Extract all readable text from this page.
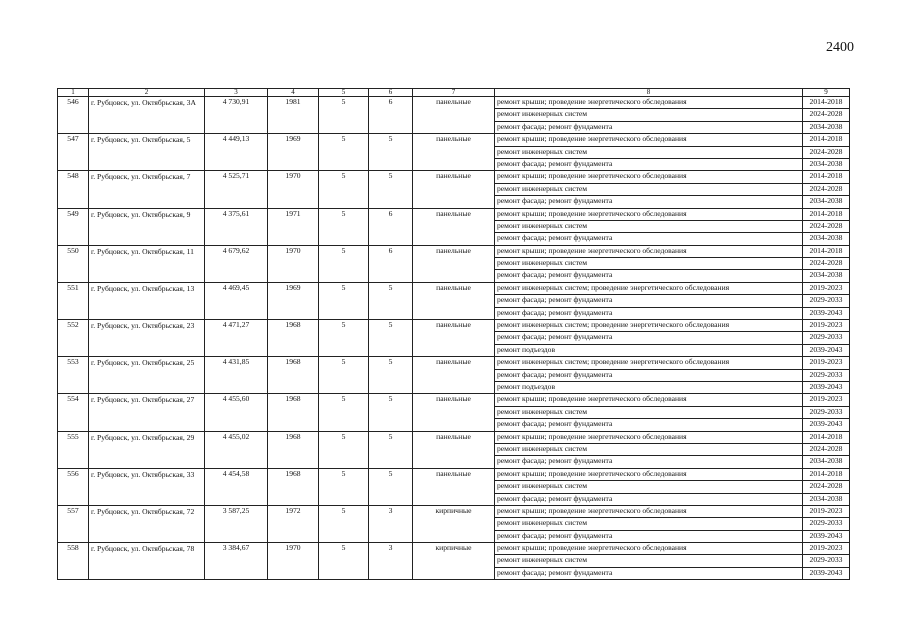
2400
1	2	3	4	5	6	7	8	9
546	г. Рубцовск, ул. Октябрьская, 3А	4 730,91	1981	5	6	панельные	ремонт крыши; проведение энергетического обследования	2014-2018
							ремонт инженерных систем	2024-2028
							ремонт фасада; ремонт фундамента	2034-2038
547	г. Рубцовск, ул. Октябрьская, 5	4 449,13	1969	5	5	панельные	ремонт крыши; проведение энергетического обследования	2014-2018
							ремонт инженерных систем	2024-2028
							ремонт фасада; ремонт фундамента	2034-2038
548	г. Рубцовск, ул. Октябрьская, 7	4 525,71	1970	5	5	панельные	ремонт крыши; проведение энергетического обследования	2014-2018
							ремонт инженерных систем	2024-2028
							ремонт фасада; ремонт фундамента	2034-2038
549	г. Рубцовск, ул. Октябрьская, 9	4 375,61	1971	5	6	панельные	ремонт крыши; проведение энергетического обследования	2014-2018
							ремонт инженерных систем	2024-2028
							ремонт фасада; ремонт фундамента	2034-2038
550	г. Рубцовск, ул. Октябрьская, 11	4 679,62	1970	5	6	панельные	ремонт крыши; проведение энергетического обследования	2014-2018
							ремонт инженерных систем	2024-2028
							ремонт фасада; ремонт фундамента	2034-2038
551	г. Рубцовск, ул. Октябрьская, 13	4 469,45	1969	5	5	панельные	ремонт инженерных систем; проведение энергетического обследования	2019-2023
							ремонт фасада; ремонт фундамента	2029-2033
							ремонт фасада; ремонт фундамента	2039-2043
552	г. Рубцовск, ул. Октябрьская, 23	4 471,27	1968	5	5	панельные	ремонт инженерных систем; проведение энергетического обследования	2019-2023
							ремонт фасада; ремонт фундамента	2029-2033
							ремонт подъездов	2039-2043
553	г. Рубцовск, ул. Октябрьская, 25	4 431,85	1968	5	5	панельные	ремонт инженерных систем; проведение энергетического обследования	2019-2023
							ремонт фасада; ремонт фундамента	2029-2033
							ремонт подъездов	2039-2043
554	г. Рубцовск, ул. Октябрьская, 27	4 455,60	1968	5	5	панельные	ремонт крыши; проведение энергетического обследования	2019-2023
							ремонт инженерных систем	2029-2033
							ремонт фасада; ремонт фундамента	2039-2043
555	г. Рубцовск, ул. Октябрьская, 29	4 455,02	1968	5	5	панельные	ремонт крыши; проведение энергетического обследования	2014-2018
							ремонт инженерных систем	2024-2028
							ремонт фасада; ремонт фундамента	2034-2038
556	г. Рубцовск, ул. Октябрьская, 33	4 454,58	1968	5	5	панельные	ремонт крыши; проведение энергетического обследования	2014-2018
							ремонт инженерных систем	2024-2028
							ремонт фасада; ремонт фундамента	2034-2038
557	г. Рубцовск, ул. Октябрьская, 72	3 587,25	1972	5	3	кирпичные	ремонт крыши; проведение энергетического обследования	2019-2023
							ремонт инженерных систем	2029-2033
							ремонт фасада; ремонт фундамента	2039-2043
558	г. Рубцовск, ул. Октябрьская, 78	3 384,67	1970	5	3	кирпичные	ремонт крыши; проведение энергетического обследования	2019-2023
							ремонт инженерных систем	2029-2033
							ремонт фасада; ремонт фундамента	2039-2043
